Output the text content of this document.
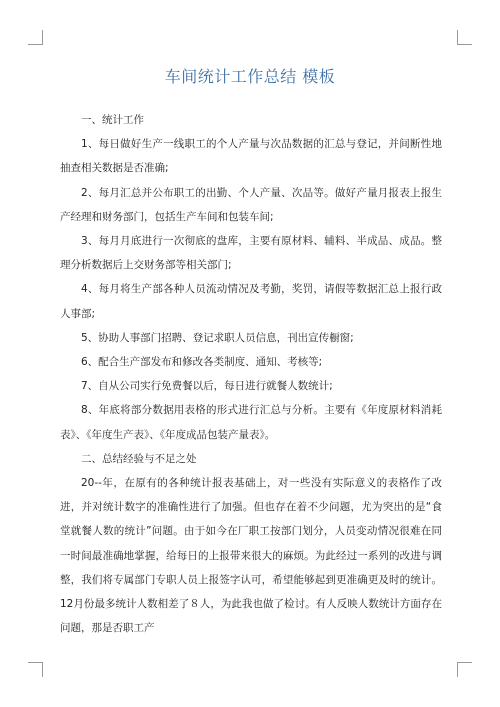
车间统计工作总结 模板

一、统计工作

1、每日做好生产一线职工的个人产量与次品数据的汇总与登记，并间断性地抽查相关数据是否准确;

2、每月汇总并公布职工的出勤、个人产量、次品等。做好产量月报表上报生产经理和财务部门，包括生产车间和包装车间;

3、每月月底进行一次彻底的盘库，主要有原材料、辅料、半成品、成品。整理分析数据后上交财务部等相关部门;

4、每月将生产部各种人员流动情况及考勤，奖罚，请假等数据汇总上报行政人事部;

5、协助人事部门招聘、登记求职人员信息，刊出宣传橱窗;

6、配合生产部发布和修改各类制度、通知、考核等;

7、自从公司实行免费餐以后，每日进行就餐人数统计;

8、年底将部分数据用表格的形式进行汇总与分析。主要有《年度原材料消耗表》、《年度生产表》、《年度成品包装产量表》。

二、总结经验与不足之处

20--年，在原有的各种统计报表基础上，对一些没有实际意义的表格作了改进，并对统计数字的准确性进行了加强。但也存在着不少问题，尤为突出的是“食堂就餐人数的统计”问题。由于如今在厂职工按部门划分，人员变动情况很难在同一时间最准确地掌握，给每日的上报带来很大的麻烦。为此经过一系列的改进与调整，我们将专属部门专职人员上报签字认可，希望能够起到更准确更及时的统计。12月份最多统计人数相差了８人，为此我也做了检讨。有人反映人数统计方面存在问题，那是否职工产
